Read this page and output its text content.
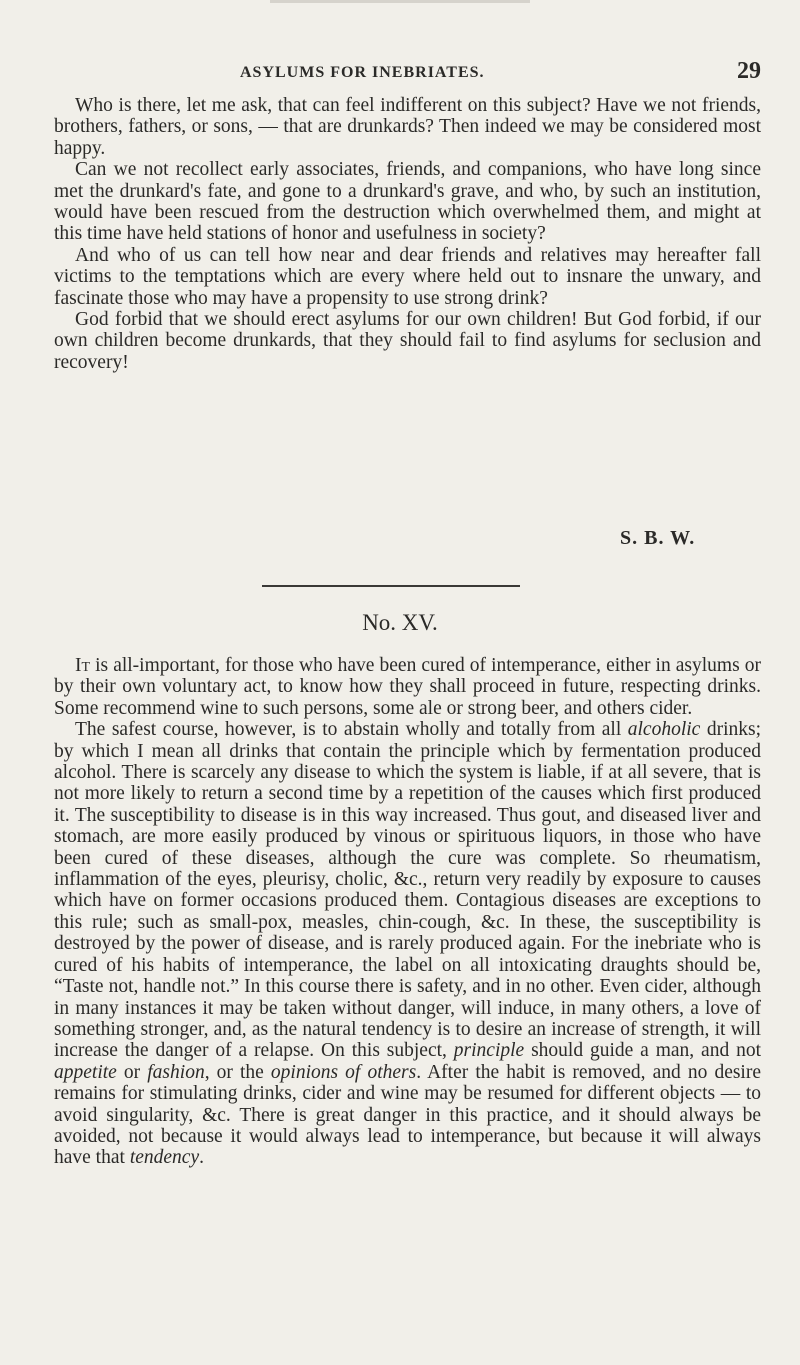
ASYLUMS FOR INEBRIATES.	29

Who is there, let me ask, that can feel indifferent on this subject? Have we not friends, brothers, fathers, or sons, — that are drunkards? Then indeed we may be considered most happy.

Can we not recollect early associates, friends, and companions, who have long since met the drunkard's fate, and gone to a drunkard's grave, and who, by such an institution, would have been rescued from the destruction which overwhelmed them, and might at this time have held stations of honor and usefulness in society?

And who of us can tell how near and dear friends and relatives may hereafter fall victims to the temptations which are every where held out to insnare the unwary, and fascinate those who may have a propensity to use strong drink?

God forbid that we should erect asylums for our own children! But God forbid, if our own children become drunkards, that they should fail to find asylums for seclusion and recovery!

S. B. W.
No. XV.

It is all-important, for those who have been cured of intemperance, either in asylums or by their own voluntary act, to know how they shall proceed in future, respecting drinks. Some recommend wine to such persons, some ale or strong beer, and others cider.

The safest course, however, is to abstain wholly and totally from all alcoholic drinks; by which I mean all drinks that contain the principle which by fermentation produced alcohol. There is scarcely any disease to which the system is liable, if at all severe, that is not more likely to return a second time by a repetition of the causes which first produced it. The susceptibility to disease is in this way increased. Thus gout, and diseased liver and stomach, are more easily produced by vinous or spirituous liquors, in those who have been cured of these diseases, although the cure was complete. So rheumatism, inflammation of the eyes, pleurisy, cholic, &c., return very readily by exposure to causes which have on former occasions produced them. Contagious diseases are exceptions to this rule; such as small-pox, measles, chin-cough, &c. In these, the susceptibility is destroyed by the power of disease, and is rarely produced again. For the inebriate who is cured of his habits of intemperance, the label on all intoxicating draughts should be, “Taste not, handle not.” In this course there is safety, and in no other. Even cider, although in many instances it may be taken without danger, will induce, in many others, a love of something stronger, and, as the natural tendency is to desire an increase of strength, it will increase the danger of a relapse. On this subject, principle should guide a man, and not appetite or fashion, or the opinions of others. After the habit is removed, and no desire remains for stimulating drinks, cider and wine may be resumed for different objects — to avoid singularity, &c. There is great danger in this practice, and it should always be avoided, not because it would always lead to intemperance, but because it will always have that tendency.
